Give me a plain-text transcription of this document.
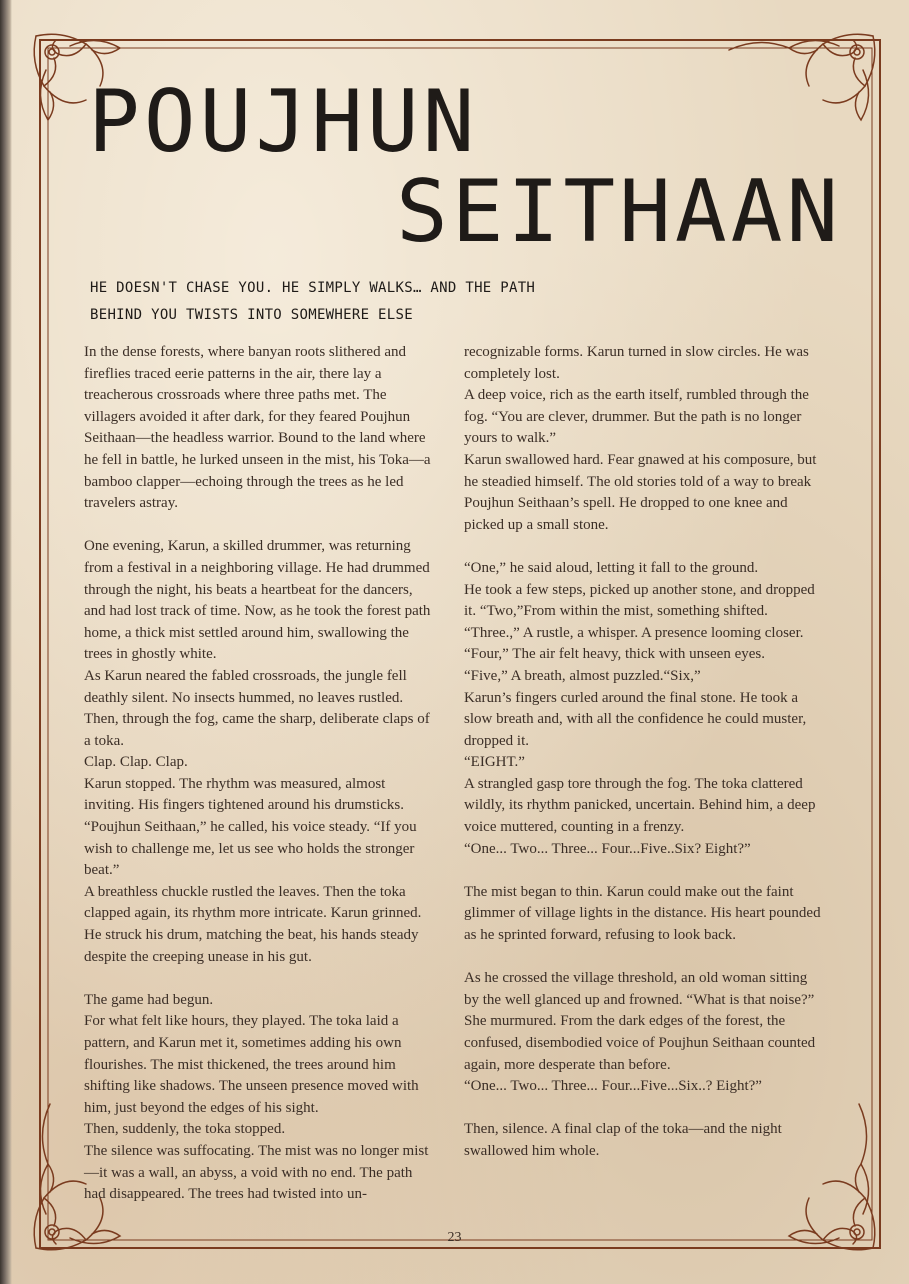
POUJHUN
SEITHAAN
HE DOESN'T CHASE YOU. HE SIMPLY WALKS… AND THE PATH
BEHIND YOU TWISTS INTO SOMEWHERE ELSE

In the dense forests, where banyan roots slithered and fireflies traced eerie patterns in the air, there lay a treacherous crossroads where three paths met. The villagers avoided it after dark, for they feared Poujhun Seithaan—the headless warrior. Bound to the land where he fell in battle, he lurked unseen in the mist, his Toka—a bamboo clapper—echoing through the trees as he led travelers astray.

One evening, Karun, a skilled drummer, was returning from a festival in a neighboring village. He had drummed through the night, his beats a heartbeat for the dancers, and had lost track of time. Now, as he took the forest path home, a thick mist settled around him, swallowing the trees in ghostly white.

As Karun neared the fabled crossroads, the jungle fell deathly silent. No insects hummed, no leaves rustled. Then, through the fog, came the sharp, deliberate claps of a toka.

Clap. Clap. Clap.

Karun stopped. The rhythm was measured, almost inviting. His fingers tightened around his drumsticks.

“Poujhun Seithaan,” he called, his voice steady. “If you wish to challenge me, let us see who holds the stronger beat.”

A breathless chuckle rustled the leaves. Then the toka clapped again, its rhythm more intricate. Karun grinned. He struck his drum, matching the beat, his hands steady despite the creeping unease in his gut.

The game had begun.

For what felt like hours, they played. The toka laid a pattern, and Karun met it, sometimes adding his own flourishes. The mist thickened, the trees around him shifting like shadows. The unseen presence moved with him, just beyond the edges of his sight.

Then, suddenly, the toka stopped.

The silence was suffocating. The mist was no longer mist—it was a wall, an abyss, a void with no end. The path had disappeared. The trees had twisted into un-

recognizable forms. Karun turned in slow circles. He was completely lost.

A deep voice, rich as the earth itself, rumbled through the fog. “You are clever, drummer. But the path is no longer yours to walk.”

Karun swallowed hard. Fear gnawed at his composure, but he steadied himself. The old stories told of a way to break Poujhun Seithaan’s spell. He dropped to one knee and picked up a small stone.

“One,” he said aloud, letting it fall to the ground.

He took a few steps, picked up another stone, and dropped it. “Two,”From within the mist, something shifted.

“Three.,” A rustle, a whisper. A presence looming closer.

“Four,” The air felt heavy, thick with unseen eyes.

“Five,” A breath, almost puzzled.“Six,”

Karun’s fingers curled around the final stone. He took a slow breath and, with all the confidence he could muster, dropped it.

“EIGHT.”

A strangled gasp tore through the fog. The toka clattered wildly, its rhythm panicked, uncertain. Behind him, a deep voice muttered, counting in a frenzy.

“One... Two... Three... Four...Five..Six? Eight?”

The mist began to thin. Karun could make out the faint glimmer of village lights in the distance. His heart pounded as he sprinted forward, refusing to look back.

As he crossed the village threshold, an old woman sitting by the well glanced up and frowned. “What is that noise?” She murmured. From the dark edges of the forest, the confused, disembodied voice of Poujhun Seithaan counted again, more desperate than before.

“One... Two... Three... Four...Five...Six..? Eight?”

Then, silence. A final clap of the toka—and the night swallowed him whole.

23
